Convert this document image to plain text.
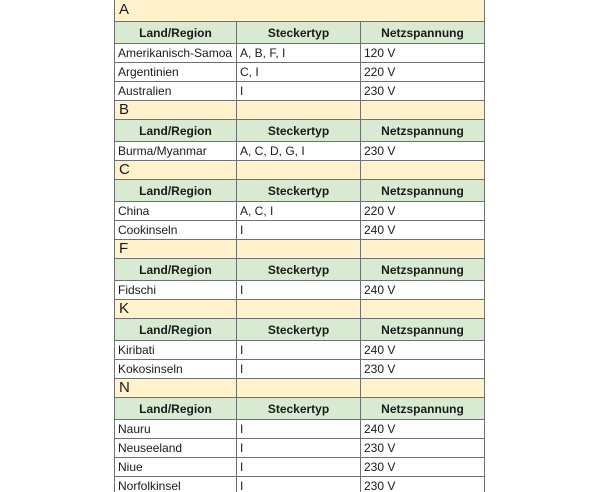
A		
Land/Region	Steckertyp	Netzspannung
Amerikanisch-Samoa	A, B, F, I	120 V
Argentinien	C, I	220 V
Australien	I	230 V
B		
Land/Region	Steckertyp	Netzspannung
Burma/Myanmar	A, C, D, G, I	230 V
C		
Land/Region	Steckertyp	Netzspannung
China	A, C, I	220 V
Cookinseln	I	240 V
F		
Land/Region	Steckertyp	Netzspannung
Fidschi	I	240 V
K		
Land/Region	Steckertyp	Netzspannung
Kiribati	I	240 V
Kokosinseln	I	230 V
N		
Land/Region	Steckertyp	Netzspannung
Nauru	I	240 V
Neuseeland	I	230 V
Niue	I	230 V
Norfolkinsel	I	230 V
